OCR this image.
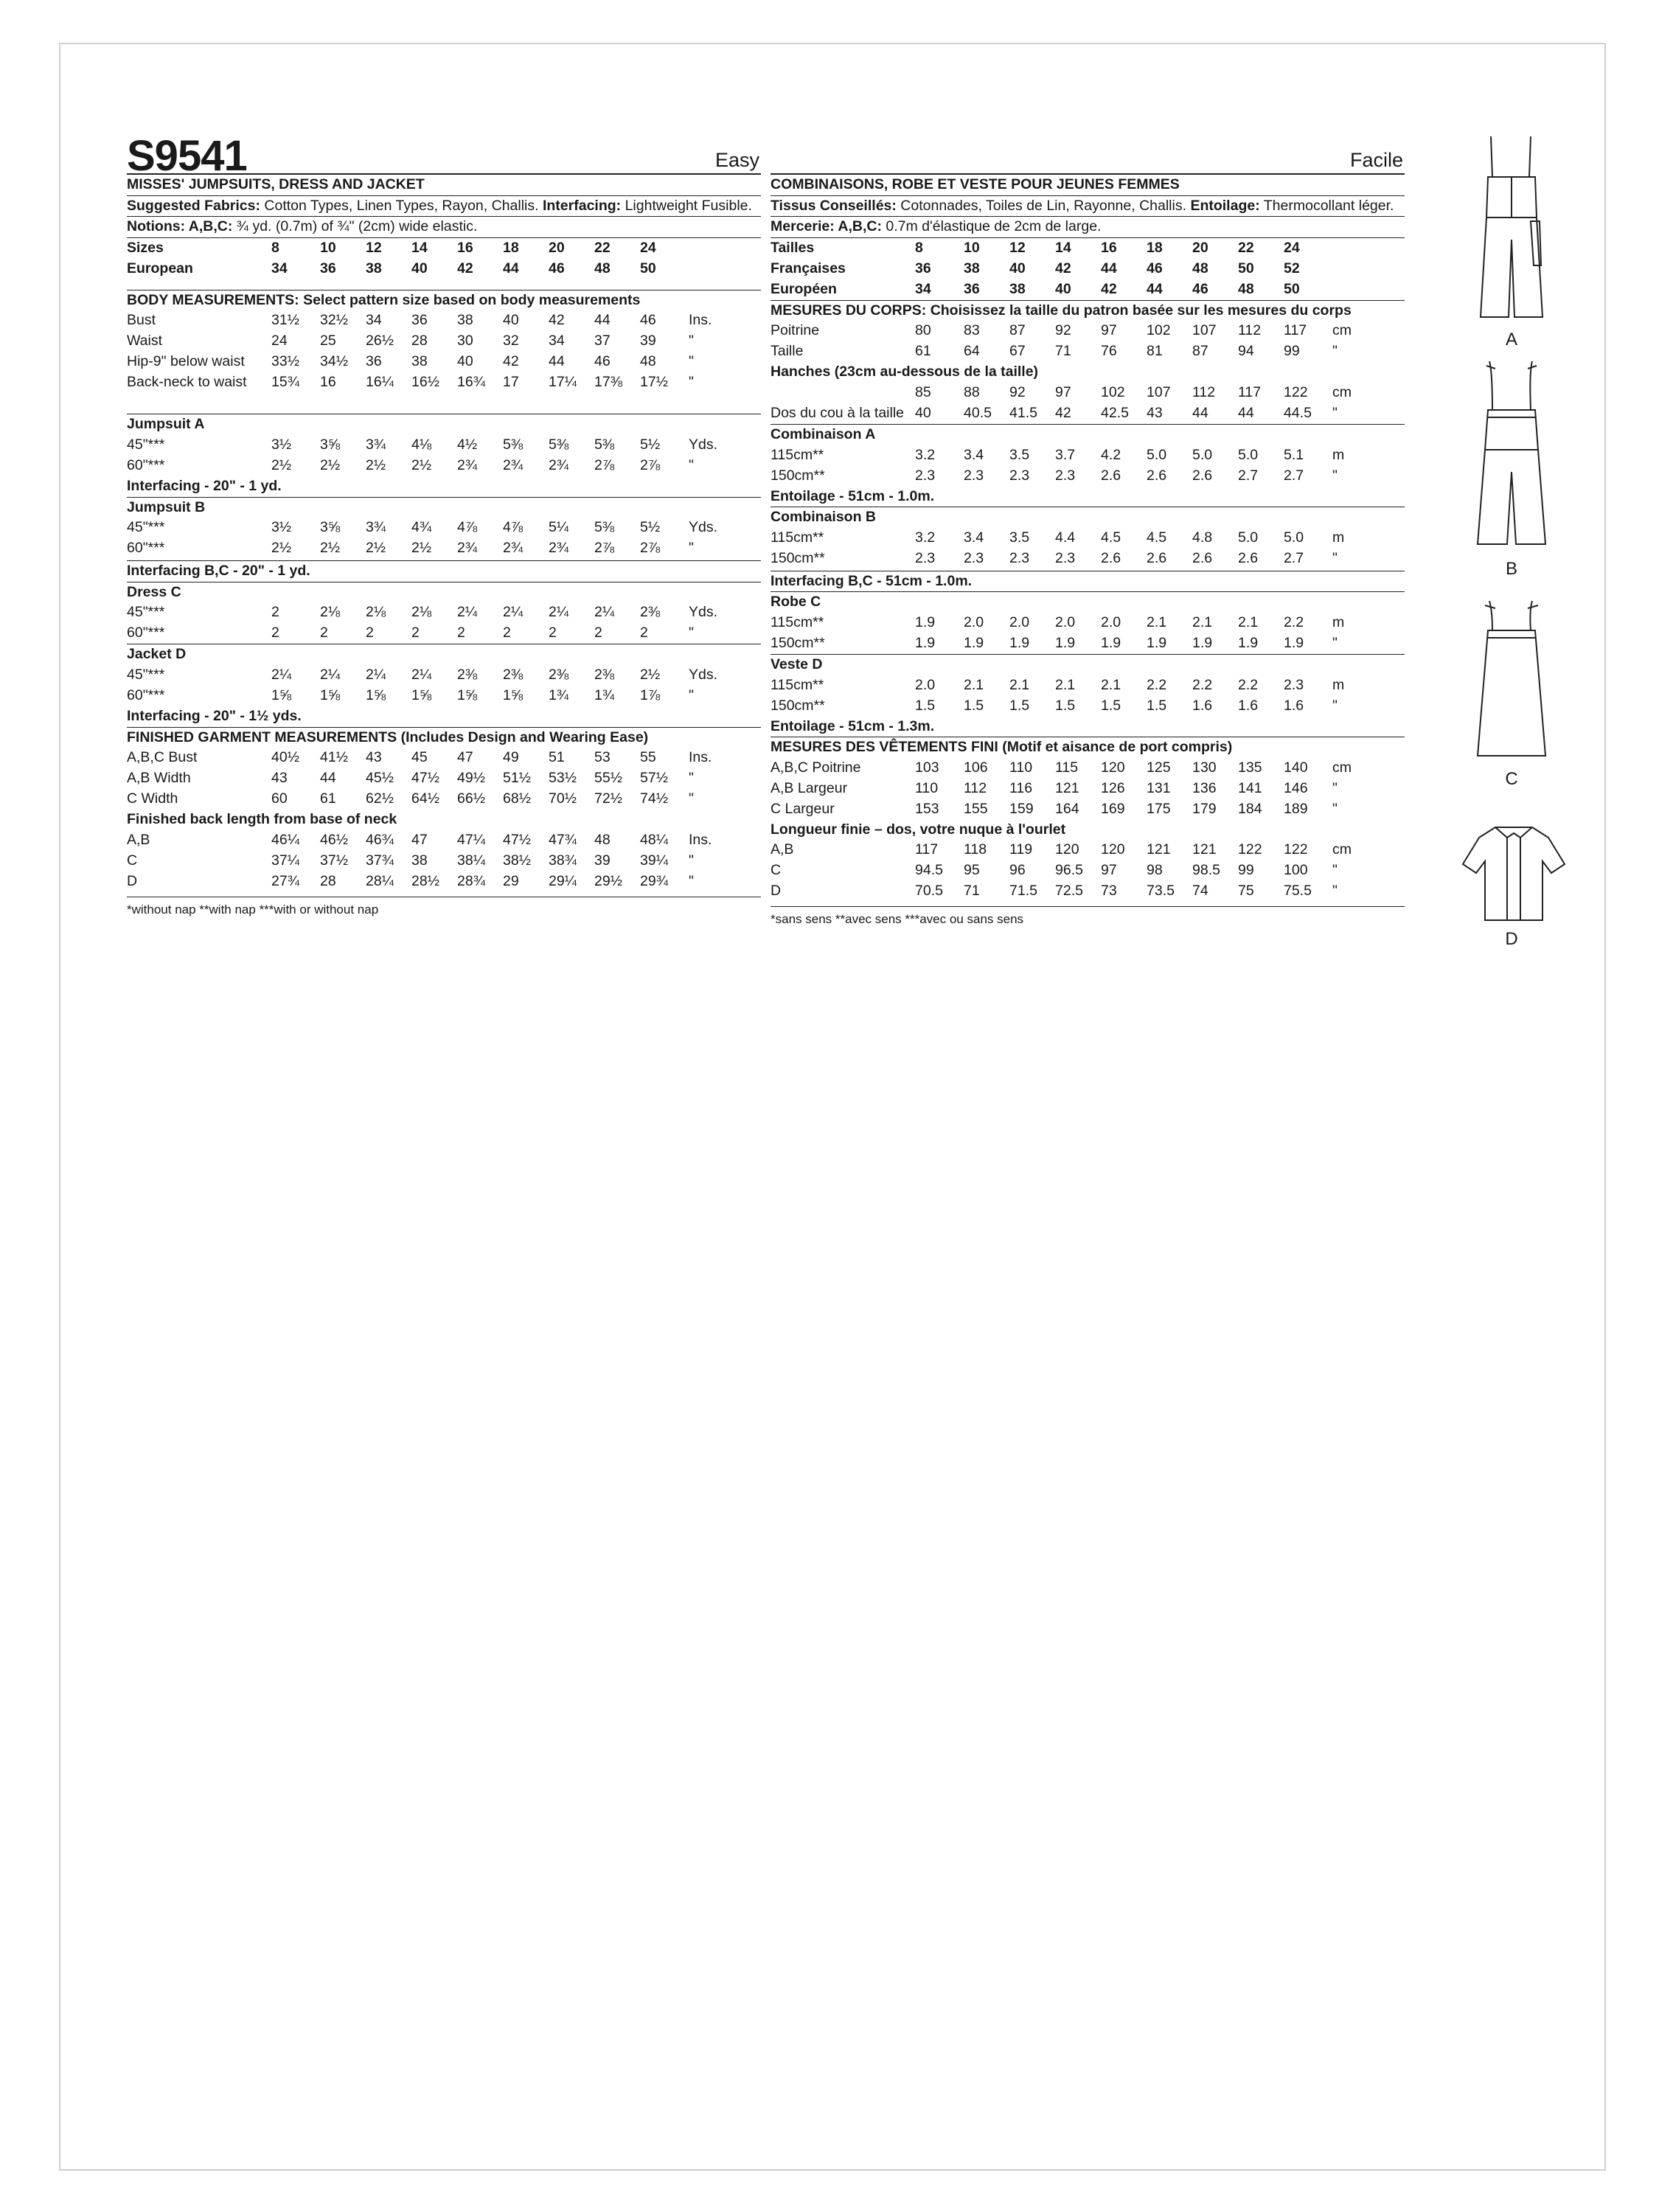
S9541	Easy
MISSES' JUMPSUITS, DRESS AND JACKET
Suggested Fabrics: Cotton Types, Linen Types, Rayon, Challis. Interfacing: Lightweight Fusible.
Notions: A,B,C: ¾ yd. (0.7m) of ¾" (2cm) wide elastic.
Sizes	8	10 12 14 16 18 20 22 24
European	34 36 38 40 42 44 46 48 50
BODY MEASUREMENTS: Select pattern size based on body measurements
Bust	31½ 32½ 34 36 38 40 42 44 46 Ins.
Waist	24 25 26½ 28 30 32 34 37 39 "
Hip-9" below waist 33½ 34½ 36 38 40 42 44 46 48 "
Back-neck to waist 15¾ 16 16¼ 16½ 16¾ 17 17¼ 17⅜ 17½ "
Jumpsuit A
45"***	3½ 3⅝ 3¾ 4⅛ 4½ 5⅜ 5⅜ 5⅜ 5½ Yds.
60"***	2½ 2½ 2½ 2½ 2¾ 2¾ 2¾ 2⅞ 2⅞ "
Interfacing - 20" - 1 yd.
Jumpsuit B
45"***	3½ 3⅝ 3¾ 4¾ 4⅞ 4⅞ 5¼ 5⅜ 5½ Yds.
60"***	2½ 2½ 2½ 2½ 2¾ 2¾ 2¾ 2⅞ 2⅞ "
Interfacing B,C - 20" - 1 yd.
Dress C
45"***	2	2⅛ 2⅛ 2⅛ 2¼ 2¼ 2¼ 2¼ 2⅜ Yds.
60"***	2	2	2	2	2	2	2	2	2	"
Jacket D
45"***	2¼ 2¼ 2¼ 2¼ 2⅜ 2⅜ 2⅜ 2⅜ 2½ Yds.
60"***	1⅝ 1⅝ 1⅝ 1⅝ 1⅝ 1⅝ 1¾ 1¾ 1⅞ "
Interfacing - 20" - 1½ yds.
FINISHED GARMENT MEASUREMENTS (Includes Design and Wearing Ease)
A,B,C Bust	40½ 41½ 43 45 47 49 51 53 55 Ins.
A,B Width	43 44 45½ 47½ 49½ 51½ 53½ 55½ 57½ "
C Width	60 61 62½ 64½ 66½ 68½ 70½ 72½ 74½ "
Finished back length from base of neck
A,B	46¼ 46½ 46¾ 47 47¼ 47½ 47¾ 48 48¼ Ins.
C	37¼ 37½ 37¾ 38 38¼ 38½ 38¾ 39 39¼ "
D	27¾ 28 28¼ 28½ 28¾ 29 29¼ 29½ 29¾ "
*without nap **with nap ***with or without nap
Facile
COMBINAISONS, ROBE ET VESTE POUR JEUNES FEMMES
Tissus Conseillés: Cotonnades, Toiles de Lin, Rayonne, Challis. Entoilage: Thermocollant léger.
Mercerie: A,B,C: 0.7m d'élastique de 2cm de large.
Tailles	8	10 12 14 16 18 20 22 24
Françaises	36 38 40 42 44 46 48 50 52
Européen	34 36 38 40 42 44 46 48 50
MESURES DU CORPS: Choisissez la taille du patron basée sur les mesures du corps
Poitrine	80 83 87 92 97 102 107 112 117 cm
Taille	61 64 67 71 76 81 87 94 99 "
Hanches (23cm au-dessous de la taille)
85 88 92 97 102 107 112 117 122 cm
Dos du cou à la taille 40 40.5 41.5 42 42.5 43 44 44 44.5 "
Combinaison A
115cm**	3.2 3.4 3.5 3.7 4.2 5.0 5.0 5.0 5.1 m
150cm**	2.3 2.3 2.3 2.3 2.6 2.6 2.6 2.7 2.7 "
Entoilage - 51cm - 1.0m.
Combinaison B
115cm**	3.2 3.4 3.5 4.4 4.5 4.5 4.8 5.0 5.0 m
150cm**	2.3 2.3 2.3 2.3 2.6 2.6 2.6 2.6 2.7 "
Interfacing B,C - 51cm - 1.0m.
Robe C
115cm**	1.9 2.0 2.0 2.0 2.0 2.1 2.1 2.1 2.2 m
150cm**	1.9 1.9 1.9 1.9 1.9 1.9 1.9 1.9 1.9 "
Veste D
115cm**	2.0 2.1 2.1 2.1 2.1 2.2 2.2 2.2 2.3 m
150cm**	1.5 1.5 1.5 1.5 1.5 1.5 1.6 1.6 1.6 "
Entoilage - 51cm - 1.3m.
MESURES DES VÊTEMENTS FINI (Motif et aisance de port compris)
A,B,C Poitrine	103 106 110 115 120 125 130 135 140 cm
A,B Largeur	110 112 116 121 126 131 136 141 146 "
C Largeur	153 155 159 164 169 175 179 184 189 "
Longueur finie – dos, votre nuque à l'ourlet
A,B	117 118 119 120 120 121 121 122 122 cm
C	94.5 95 96 96.5 97 98 98.5 99 100 "
D	70.5 71 71.5 72.5 73 73.5 74 75 75.5 "
*sans sens **avec sens ***avec ou sans sens
A
B
C
D
